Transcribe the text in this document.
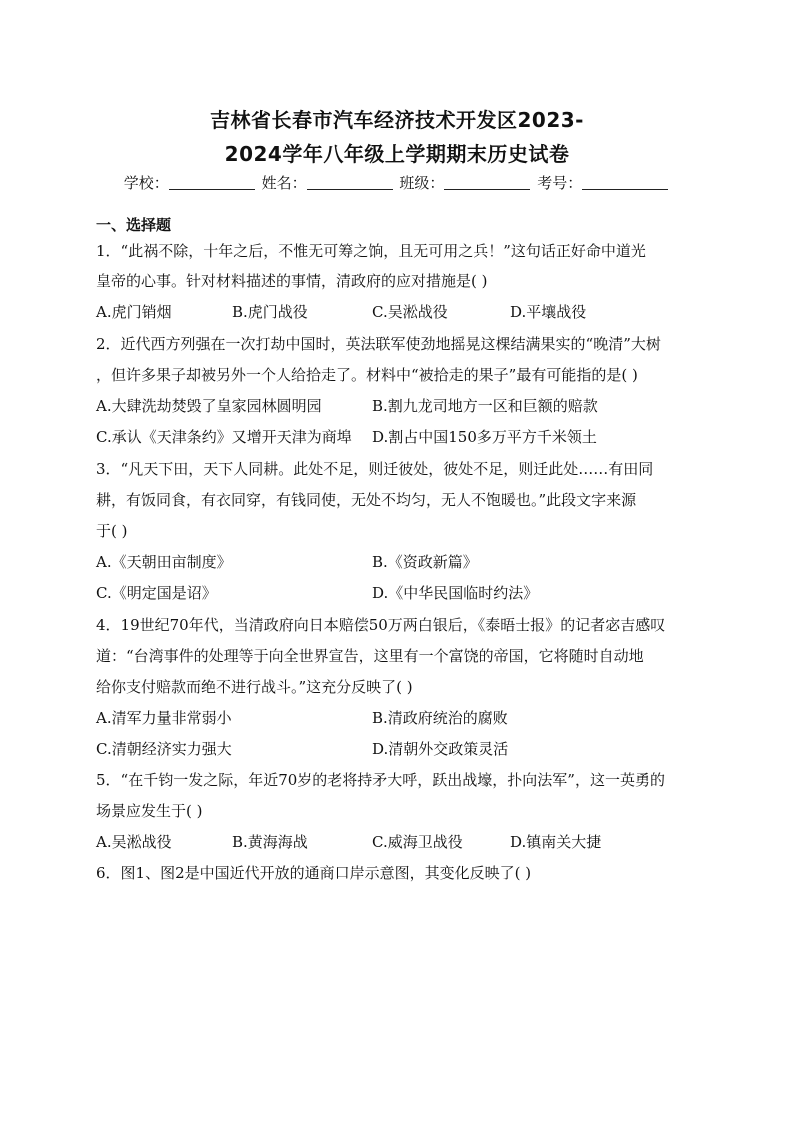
吉林省长春市汽车经济技术开发区2023-
2024学年八年级上学期期末历史试卷
学校：	姓名：	班级：	考号：
一、选择题
1．“此祸不除，十年之后，不惟无可筹之饷，且无可用之兵！”这句话正好命中道光
皇帝的心事。针对材料描述的事情，清政府的应对措施是( )
A.虎门销烟	B.虎门战役	C.吴淞战役	D.平壤战役
2．近代西方列强在一次打劫中国时，英法联军使劲地摇晃这棵结满果实的“晚清”大树
，但许多果子却被另外一个人给拾走了。材料中“被拾走的果子”最有可能指的是( )
A.大肆洗劫焚毁了皇家园林圆明园	B.割九龙司地方一区和巨额的赔款
C.承认《天津条约》又增开天津为商埠 D.割占中国150多万平方千米领土
3．“凡天下田，天下人同耕。此处不足，则迁彼处，彼处不足，则迁此处……有田同
耕，有饭同食，有衣同穿，有钱同使，无处不均匀，无人不饱暖也。”此段文字来源
于( )
A.《天朝田亩制度》	B.《资政新篇》
C.《明定国是诏》	D.《中华民国临时约法》
4．19世纪70年代，当清政府向日本赔偿50万两白银后，《泰晤士报》的记者宓吉感叹
道：“台湾事件的处理等于向全世界宣告，这里有一个富饶的帝国，它将随时自动地
给你支付赔款而绝不进行战斗。”这充分反映了( )
A.清军力量非常弱小	B.清政府统治的腐败
C.清朝经济实力强大	D.清朝外交政策灵活
5．“在千钧一发之际，年近70岁的老将持矛大呼，跃出战壕，扑向法军”，这一英勇的
场景应发生于( )
A.吴淞战役	B.黄海海战	C.威海卫战役	D.镇南关大捷
6．图1、图2是中国近代开放的通商口岸示意图，其变化反映了( )
